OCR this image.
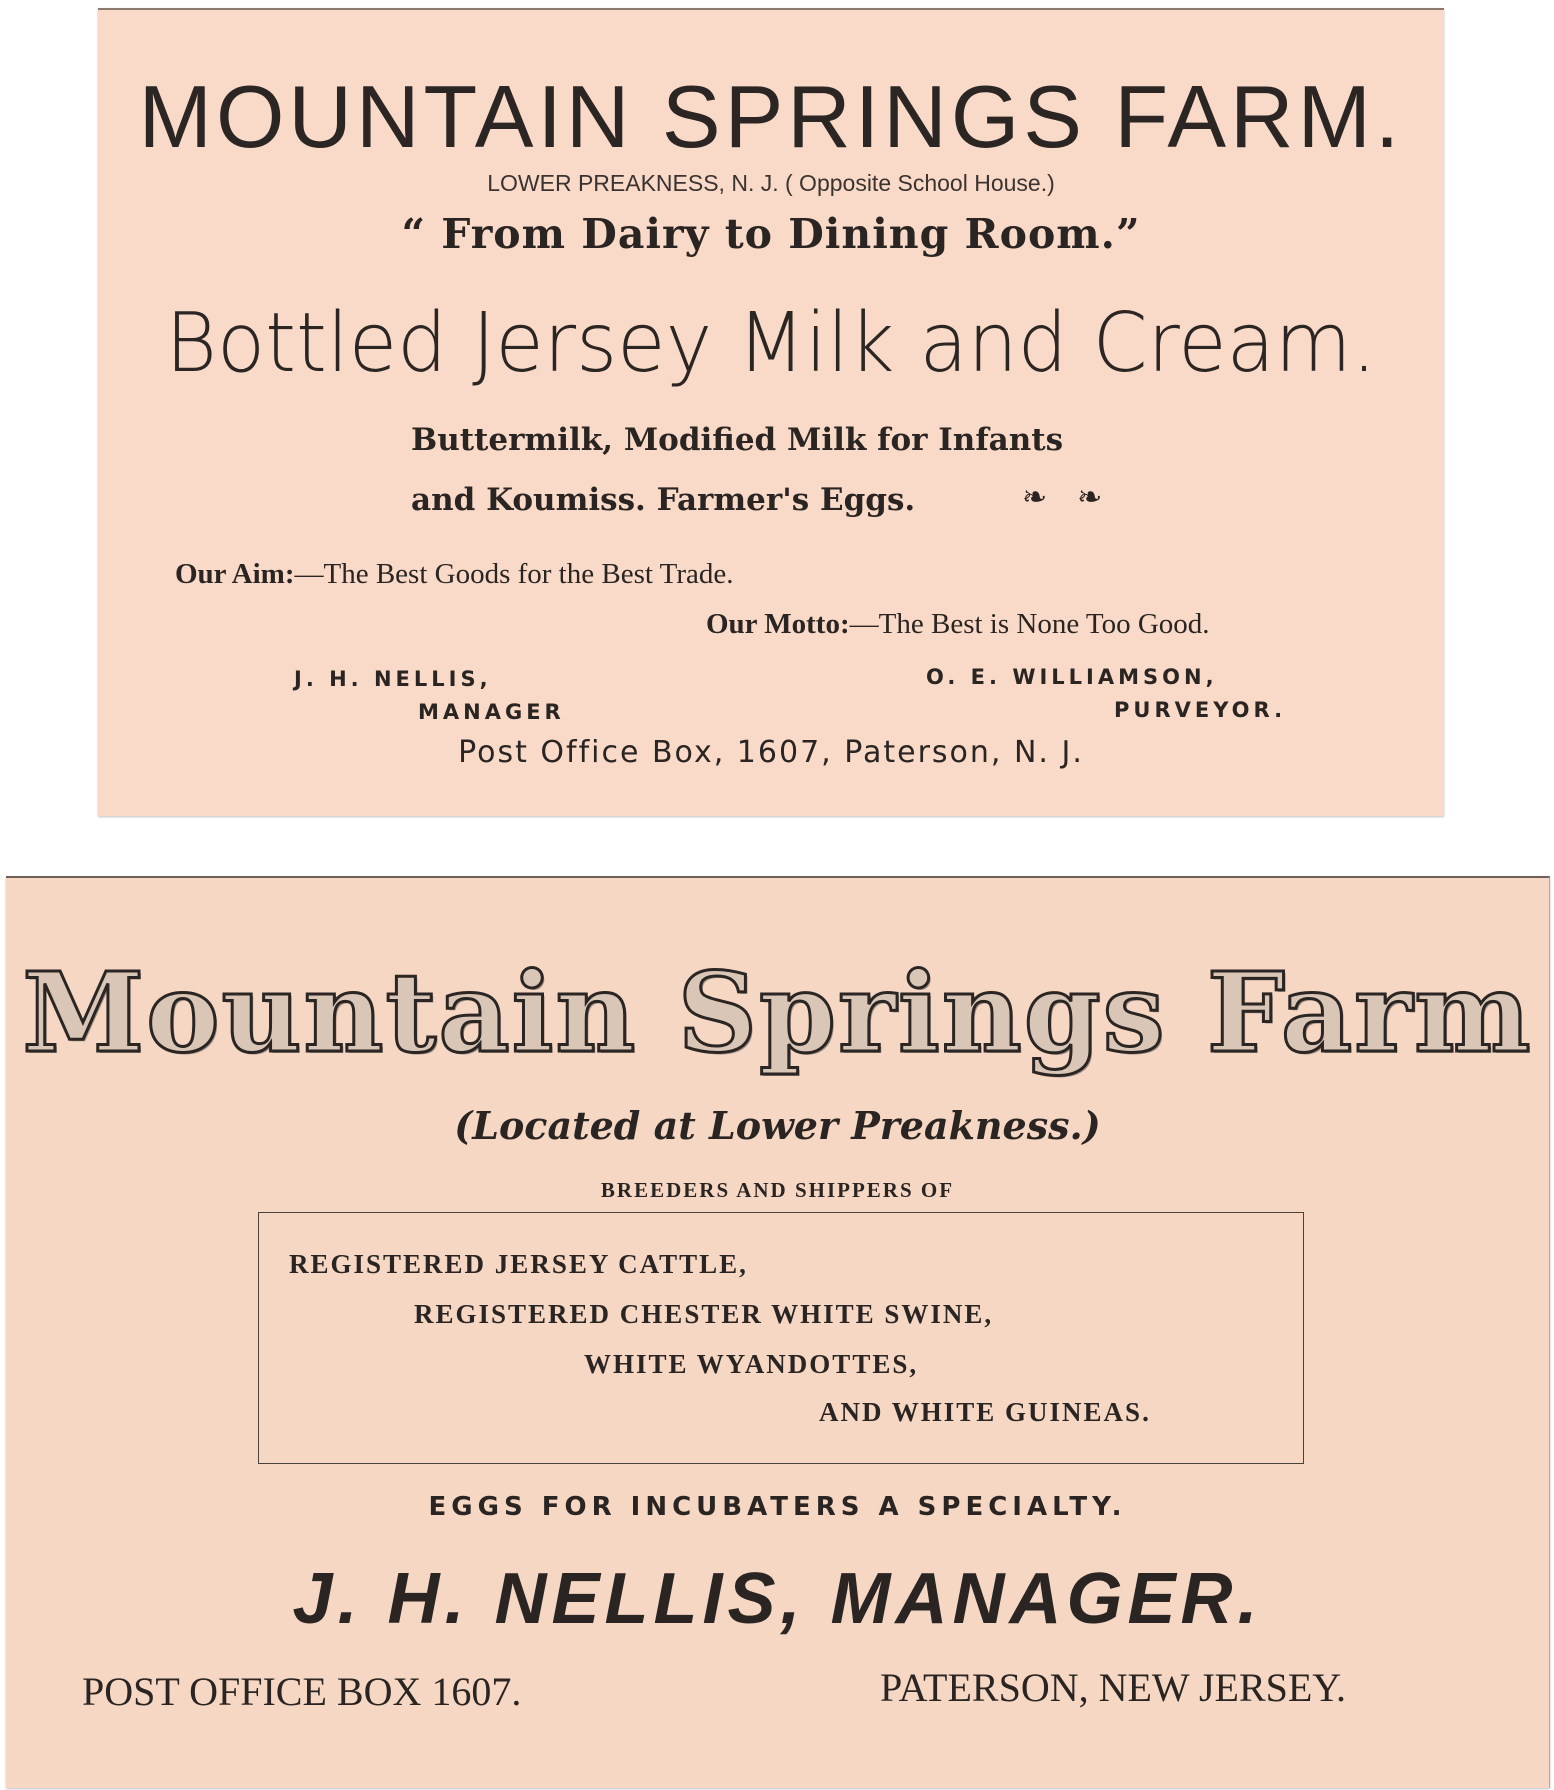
MOUNTAIN SPRINGS FARM.

LOWER PREAKNESS, N. J. ( Opposite School House.)

“ From Dairy to Dining Room.”

Bottled Jersey Milk and Cream.

Buttermilk, Modified Milk for Infants

and Koumiss. Farmer's Eggs.	❧❧

Our Aim:—The Best Goods for the Best Trade.

Our Motto:—The Best is None Too Good.

J. H. NELLIS,

MANAGER

O. E. WILLIAMSON,

PURVEYOR.

Post Office Box, 1607, Paterson, N. J.

Mountain Springs Farm

(Located at Lower Preakness.)

BREEDERS AND SHIPPERS OF

REGISTERED JERSEY CATTLE,

REGISTERED CHESTER WHITE SWINE,

WHITE WYANDOTTES,

AND WHITE GUINEAS.

EGGS FOR INCUBATERS A SPECIALTY.

J. H. NELLIS, MANAGER.

POST OFFICE BOX 1607.	PATERSON, NEW JERSEY.
